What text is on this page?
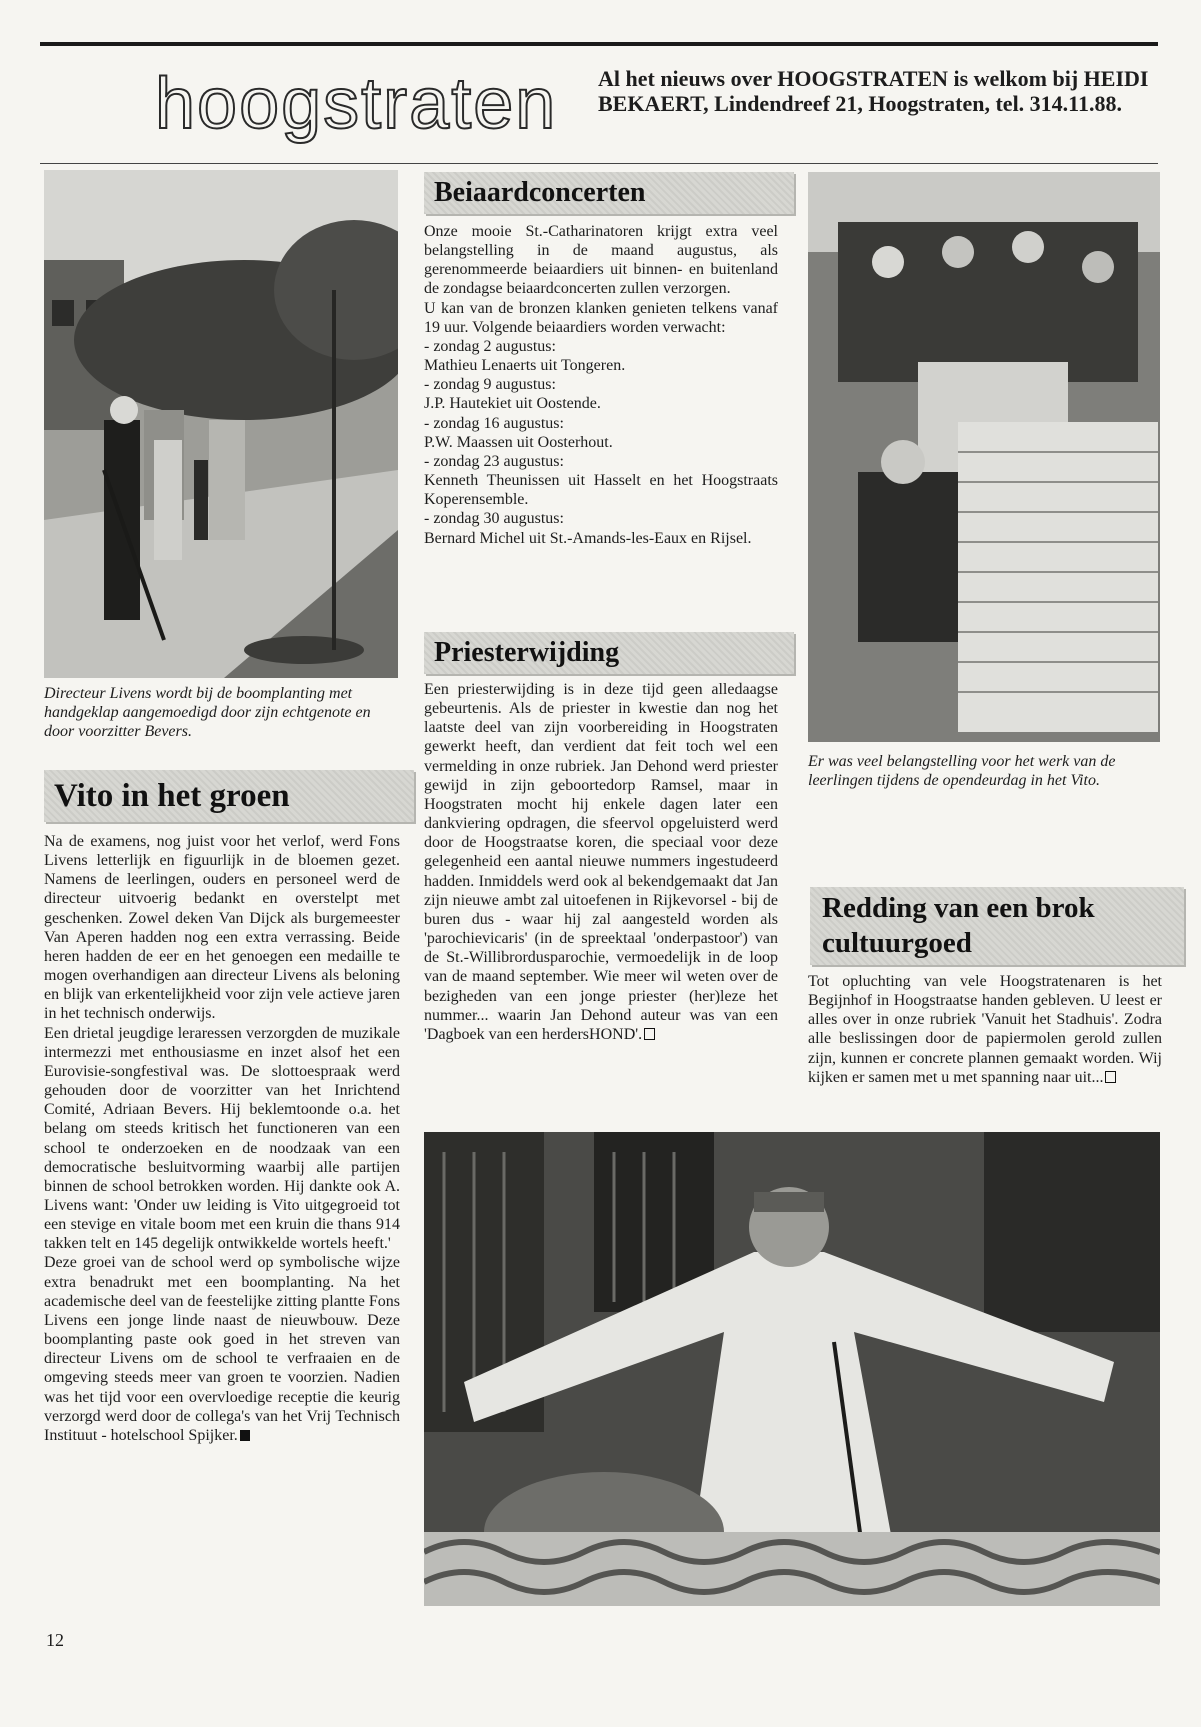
hoogstraten Al het nieuws over HOOGSTRATEN is welkom bij HEIDI BEKAERT, Lindendreef 21, Hoogstraten, tel. 314.11.88.
Directeur Livens wordt bij de boomplanting met handgeklap aangemoedigd door zijn echtgenote en door voorzitter Bevers.
Vito in het groen
Na de examens, nog juist voor het verlof, werd Fons Livens letterlijk en figuurlijk in de bloemen gezet. Namens de leerlingen, ouders en personeel werd de directeur uitvoerig bedankt en overstelpt met geschenken. Zowel deken Van Dijck als burgemeester Van Aperen hadden nog een extra verrassing. Beide heren hadden de eer en het genoegen een medaille te mogen overhandigen aan directeur Livens als beloning en blijk van erkentelijkheid voor zijn vele actieve jaren in het technisch onderwijs.
Een drietal jeugdige leraressen verzorgden de muzikale intermezzi met enthousiasme en inzet alsof het een Eurovisie-songfestival was. De slottoespraak werd gehouden door de voorzitter van het Inrichtend Comité, Adriaan Bevers. Hij beklemtoonde o.a. het belang om steeds kritisch het functioneren van een school te onderzoeken en de noodzaak van een democratische besluitvorming waarbij alle partijen binnen de school betrokken worden. Hij dankte ook A. Livens want: 'Onder uw leiding is Vito uitgegroeid tot een stevige en vitale boom met een kruin die thans 914 takken telt en 145 degelijk ontwikkelde wortels heeft.'
Deze groei van de school werd op symbolische wijze extra benadrukt met een boomplanting. Na het academische deel van de feestelijke zitting plantte Fons Livens een jonge linde naast de nieuwbouw. Deze boomplanting paste ook goed in het streven van directeur Livens om de school te verfraaien en de omgeving steeds meer van groen te voorzien. Nadien was het tijd voor een overvloedige receptie die keurig verzorgd werd door de collega's van het Vrij Technisch Instituut - hotelschool Spijker.
Beiaardconcerten
Onze mooie St.-Catharinatoren krijgt extra veel belangstelling in de maand augustus, als gerenommeerde beiaardiers uit binnen- en buitenland de zondagse beiaardconcerten zullen verzorgen.
U kan van de bronzen klanken genieten telkens vanaf 19 uur. Volgende beiaardiers worden verwacht:
- zondag 2 augustus:
Mathieu Lenaerts uit Tongeren.
- zondag 9 augustus:
J.P. Hautekiet uit Oostende.
- zondag 16 augustus:
P.W. Maassen uit Oosterhout.
- zondag 23 augustus:
Kenneth Theunissen uit Hasselt en het Hoogstraats Koperensemble.
- zondag 30 augustus:
Bernard Michel uit St.-Amands-les-Eaux en Rijsel.
Priesterwijding
Een priesterwijding is in deze tijd geen alledaagse gebeurtenis. Als de priester in kwestie dan nog het laatste deel van zijn voorbereiding in Hoogstraten gewerkt heeft, dan verdient dat feit toch wel een vermelding in onze rubriek. Jan Dehond werd priester gewijd in zijn geboortedorp Ramsel, maar in Hoogstraten mocht hij enkele dagen later een dankviering opdragen, die sfeervol opgeluisterd werd door de Hoogstraatse koren, die speciaal voor deze gelegenheid een aantal nieuwe nummers ingestudeerd hadden. Inmiddels werd ook al bekendgemaakt dat Jan zijn nieuwe ambt zal uitoefenen in Rijkevorsel - bij de buren dus - waar hij zal aangesteld worden als 'parochievicaris' (in de spreektaal 'onderpastoor') van de St.-Willibrordusparochie, vermoedelijk in de loop van de maand september. Wie meer wil weten over de bezigheden van een jonge priester (her)leze het nummer... waarin Jan Dehond auteur was van een 'Dagboek van een herdersHOND'.
Er was veel belangstelling voor het werk van de leerlingen tijdens de opendeurdag in het Vito.
Redding van een brok cultuurgoed
Tot opluchting van vele Hoogstratenaren is het Begijnhof in Hoogstraatse handen gebleven. U leest er alles over in onze rubriek 'Vanuit het Stadhuis'. Zodra alle beslissingen door de papiermolen gerold zullen zijn, kunnen er concrete plannen gemaakt worden. Wij kijken er samen met u met spanning naar uit...
12
